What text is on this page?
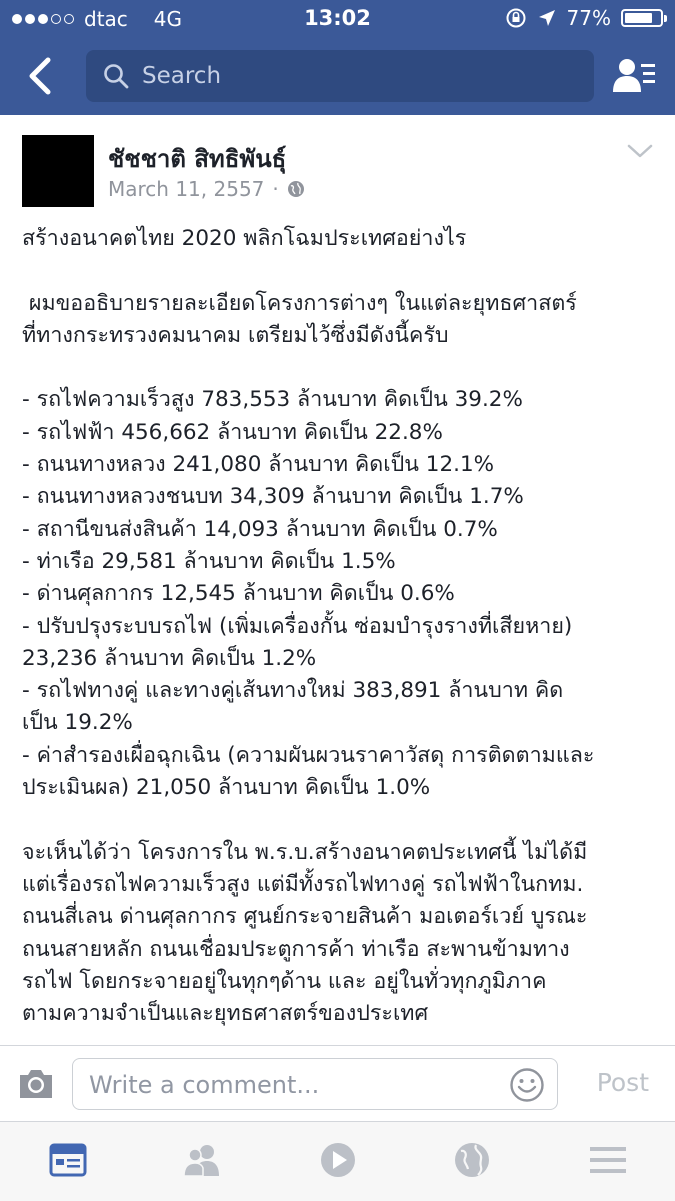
dtac 4G	13:02	77%
Search
ชัชชาติ สิทธิพันธุ์
March 11, 2557 ·

สร้างอนาคตไทย 2020 พลิกโฉมประเทศอย่างไร

ผมขออธิบายรายละเอียดโครงการต่างๆ ในแต่ละยุทธศาสตร์

ที่ทางกระทรวงคมนาคม เตรียมไว้ซึ่งมีดังนี้ครับ

- รถไฟความเร็วสูง 783,553 ล้านบาท คิดเป็น 39.2%

- รถไฟฟ้า 456,662 ล้านบาท คิดเป็น 22.8%

- ถนนทางหลวง 241,080 ล้านบาท คิดเป็น 12.1%

- ถนนทางหลวงชนบท 34,309 ล้านบาท คิดเป็น 1.7%

- สถานีขนส่งสินค้า 14,093 ล้านบาท คิดเป็น 0.7%

- ท่าเรือ 29,581 ล้านบาท คิดเป็น 1.5%

- ด่านศุลกากร 12,545 ล้านบาท คิดเป็น 0.6%

- ปรับปรุงระบบรถไฟ (เพิ่มเครื่องกั้น ซ่อมบำรุงรางที่เสียหาย)

23,236 ล้านบาท คิดเป็น 1.2%

- รถไฟทางคู่ และทางคู่เส้นทางใหม่ 383,891 ล้านบาท คิด

เป็น 19.2%

- ค่าสำรองเผื่อฉุกเฉิน (ความผันผวนราคาวัสดุ การติดตามและ

ประเมินผล) 21,050 ล้านบาท คิดเป็น 1.0%

จะเห็นได้ว่า โครงการใน พ.ร.บ.สร้างอนาคตประเทศนี้ ไม่ได้มี

แต่เรื่องรถไฟความเร็วสูง แต่มีทั้งรถไฟทางคู่ รถไฟฟ้าในกทม.

ถนนสี่เลน ด่านศุลกากร ศูนย์กระจายสินค้า มอเตอร์เวย์ บูรณะ

ถนนสายหลัก ถนนเชื่อมประตูการค้า ท่าเรือ สะพานข้ามทาง

รถไฟ โดยกระจายอยู่ในทุกๆด้าน และ อยู่ในทั่วทุกภูมิภาค

ตามความจำเป็นและยุทธศาสตร์ของประเทศ

Write a comment...
Post
